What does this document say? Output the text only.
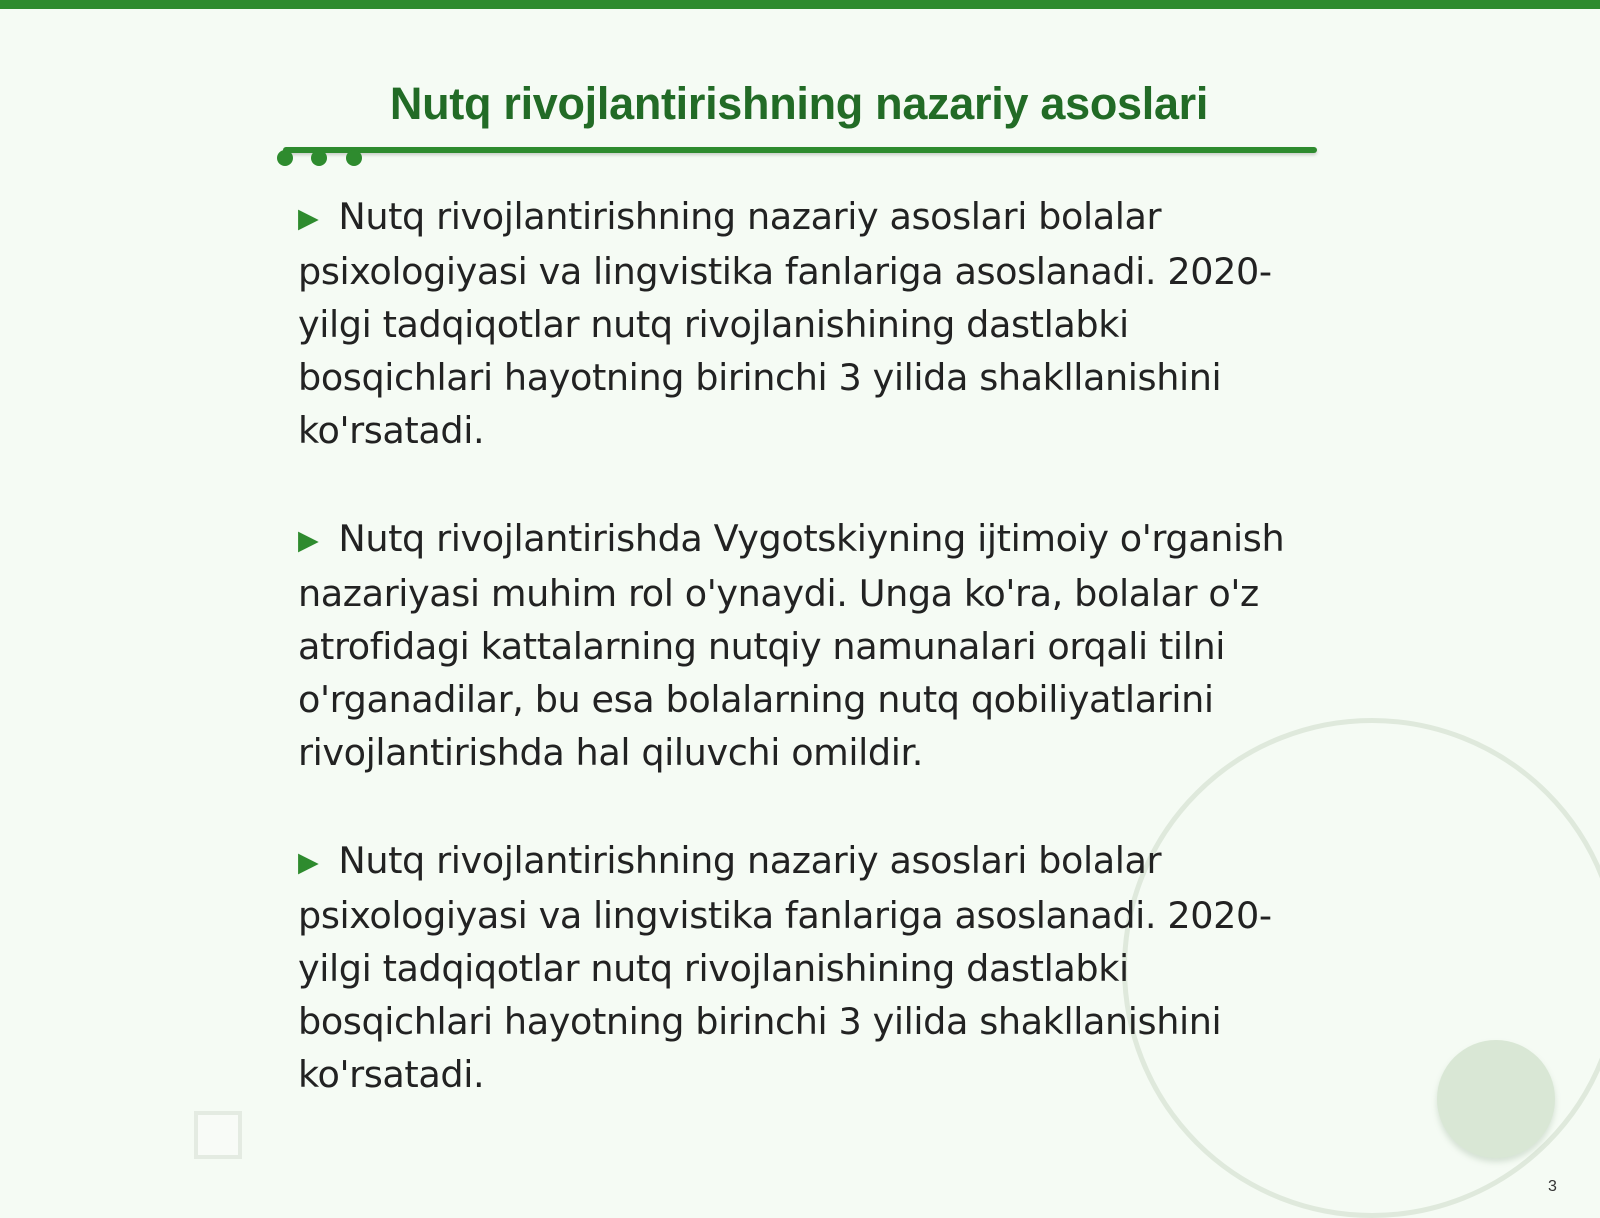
Nutq rivojlantirishning nazariy asoslari

▶ Nutq rivojlantirishning nazariy asoslari bolalar psixologiyasi va lingvistika fanlariga asoslanadi. 2020-yilgi tadqiqotlar nutq rivojlanishining dastlabki bosqichlari hayotning birinchi 3 yilida shakllanishini ko'rsatadi.

▶ Nutq rivojlantirishda Vygotskiyning ijtimoiy o'rganish nazariyasi muhim rol o'ynaydi. Unga ko'ra, bolalar o'z atrofidagi kattalarning nutqiy namunalari orqali tilni o'rganadilar, bu esa bolalarning nutq qobiliyatlarini rivojlantirishda hal qiluvchi omildir.

▶ Nutq rivojlantirishning nazariy asoslari bolalar psixologiyasi va lingvistika fanlariga asoslanadi. 2020-yilgi tadqiqotlar nutq rivojlanishining dastlabki bosqichlari hayotning birinchi 3 yilida shakllanishini ko'rsatadi.

3
